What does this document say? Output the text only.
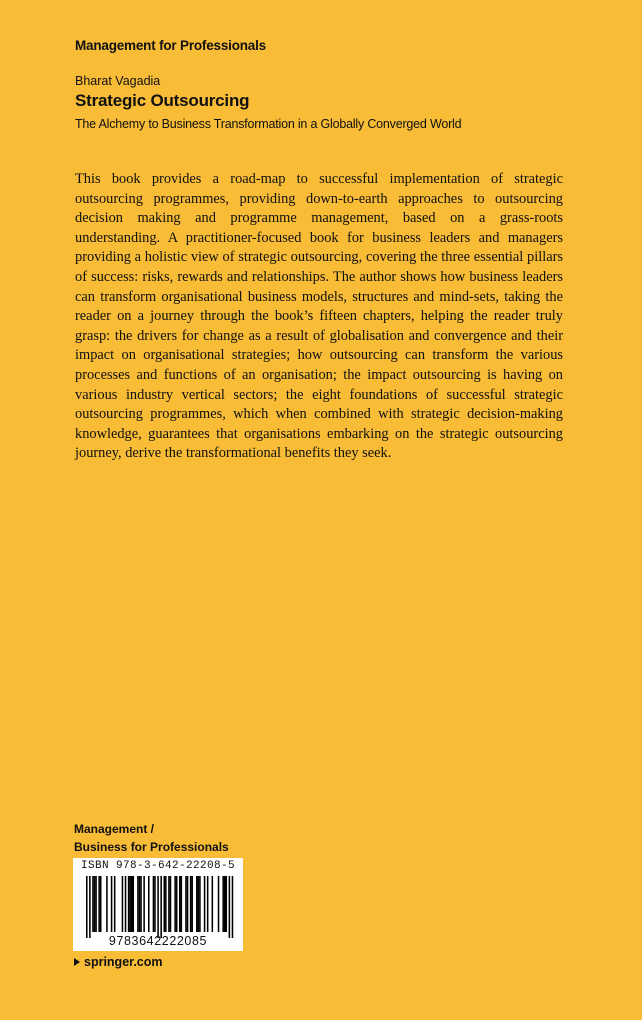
Management for Professionals
Bharat Vagadia
Strategic Outsourcing
The Alchemy to Business Transformation in a Globally Converged World

This book provides a road-map to successful implementation of strategic outsourcing programmes, providing down-to-earth approaches to outsourcing decision making and programme management, based on a grass-roots understanding. A practitioner-focused book for business leaders and managers providing a holistic view of strategic outsourcing, covering the three essential pillars of success: risks, rewards and relationships. The author shows how business leaders can transform organisational business models, structures and mind-sets, taking the reader on a journey through the book’s fifteen chapters, helping the reader truly grasp: the drivers for change as a result of globalisation and convergence and their impact on organisational strategies; how outsourcing can transform the various processes and functions of an organisation; the impact outsourcing is having on various industry vertical sectors; the eight foundations of successful strategic outsourcing programmes, which when combined with strategic decision-making knowledge, guarantees that organisations embarking on the strategic outsourcing journey, derive the transformational benefits they seek.

Management /
Business for Professionals
ISBN 978-3-642-22208-5
9783642222085
springer.com
